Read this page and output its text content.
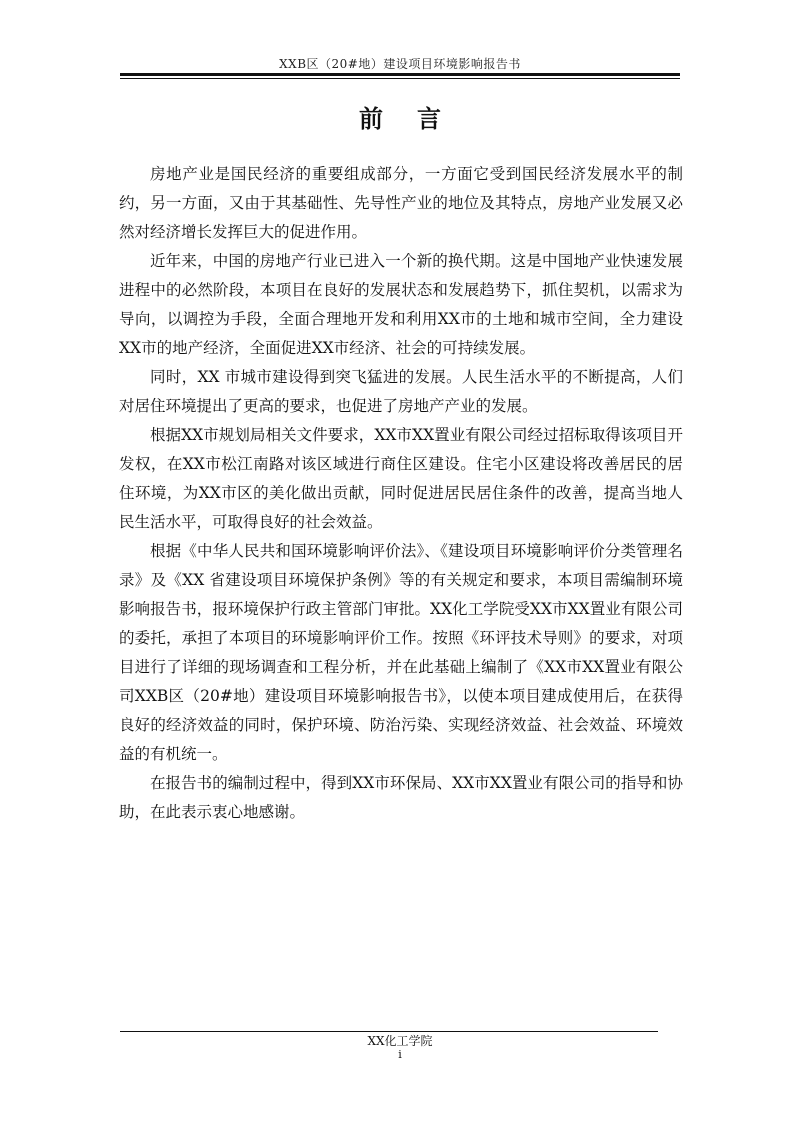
XXB区（20#地）建设项目环境影响报告书
前言

房地产业是国民经济的重要组成部分，一方面它受到国民经济发展水平的制约，另一方面，又由于其基础性、先导性产业的地位及其特点，房地产业发展又必然对经济增长发挥巨大的促进作用。

近年来，中国的房地产行业已进入一个新的换代期。这是中国地产业快速发展进程中的必然阶段，本项目在良好的发展状态和发展趋势下，抓住契机，以需求为导向，以调控为手段，全面合理地开发和利用XX市的土地和城市空间，全力建设XX市的地产经济，全面促进XX市经济、社会的可持续发展。

同时，XX 市城市建设得到突飞猛进的发展。人民生活水平的不断提高，人们对居住环境提出了更高的要求，也促进了房地产产业的发展。

根据XX市规划局相关文件要求，XX市XX置业有限公司经过招标取得该项目开发权，在XX市松江南路对该区域进行商住区建设。住宅小区建设将改善居民的居住环境，为XX市区的美化做出贡献，同时促进居民居住条件的改善，提高当地人民生活水平，可取得良好的社会效益。

根据《中华人民共和国环境影响评价法》、《建设项目环境影响评价分类管理名录》及《XX 省建设项目环境保护条例》等的有关规定和要求，本项目需编制环境影响报告书，报环境保护行政主管部门审批。XX化工学院受XX市XX置业有限公司的委托，承担了本项目的环境影响评价工作。按照《环评技术导则》的要求，对项目进行了详细的现场调查和工程分析，并在此基础上编制了《XX市XX置业有限公司XXB区（20#地）建设项目环境影响报告书》，以使本项目建成使用后，在获得良好的经济效益的同时，保护环境、防治污染、实现经济效益、社会效益、环境效益的有机统一。

在报告书的编制过程中，得到XX市环保局、XX市XX置业有限公司的指导和协助，在此表示衷心地感谢。

XX化工学院
i
